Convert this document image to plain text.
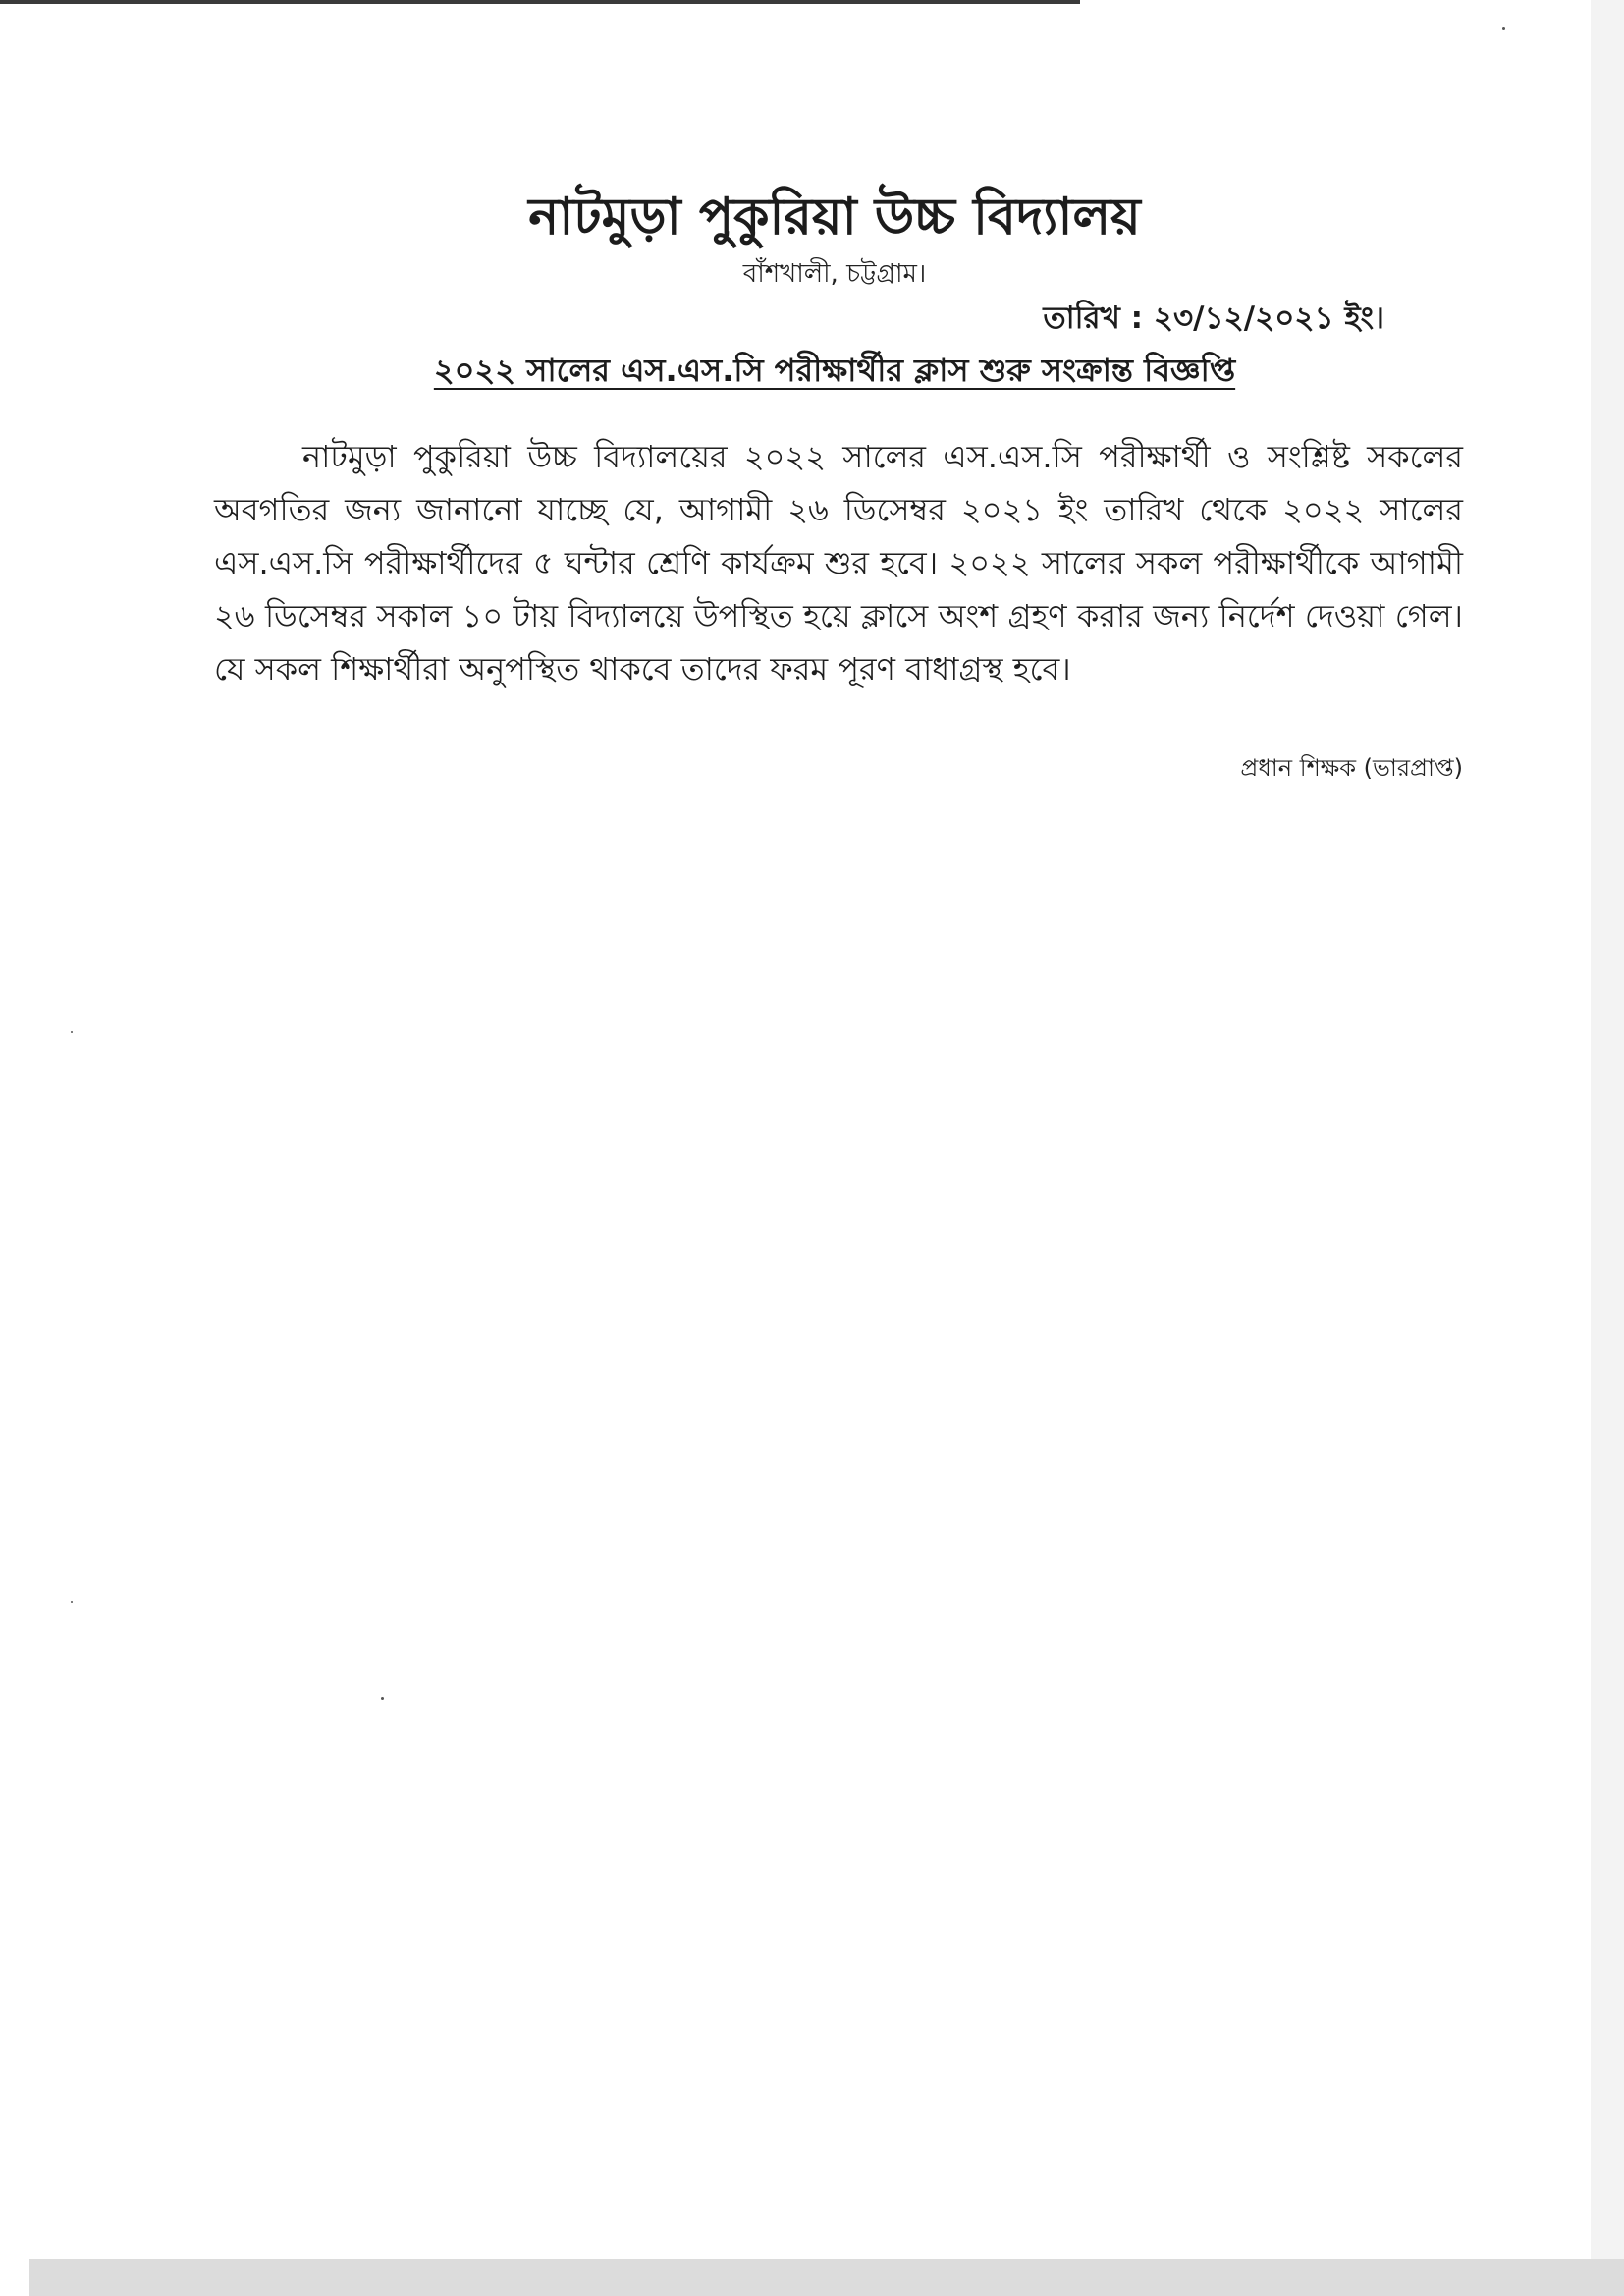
নাটমুড়া পুকুরিয়া উচ্চ বিদ্যালয়
বাঁশখালী, চট্টগ্রাম।
তারিখ : ২৩/১২/২০২১ ইং।
২০২২ সালের এস.এস.সি পরীক্ষার্থীর ক্লাস শুরু সংক্রান্ত বিজ্ঞপ্তি

নাটমুড়া পুকুরিয়া উচ্চ বিদ্যালয়ের ২০২২ সালের এস.এস.সি পরীক্ষার্থী ও সংশ্লিষ্ট সকলের অবগতির জন্য জানানো যাচ্ছে যে, আগামী ২৬ ডিসেম্বর ২০২১ ইং তারিখ থেকে ২০২২ সালের এস.এস.সি পরীক্ষার্থীদের ৫ ঘন্টার শ্রেণি কার্যক্রম শুর হবে। ২০২২ সালের সকল পরীক্ষার্থীকে আগামী ২৬ ডিসেম্বর সকাল ১০ টায় বিদ্যালয়ে উপস্থিত হয়ে ক্লাসে অংশ গ্রহণ করার জন্য নির্দেশ দেওয়া গেল। যে সকল শিক্ষার্থীরা অনুপস্থিত থাকবে তাদের ফরম পূরণ বাধাগ্রস্থ হবে।

প্রধান শিক্ষক (ভারপ্রাপ্ত)
